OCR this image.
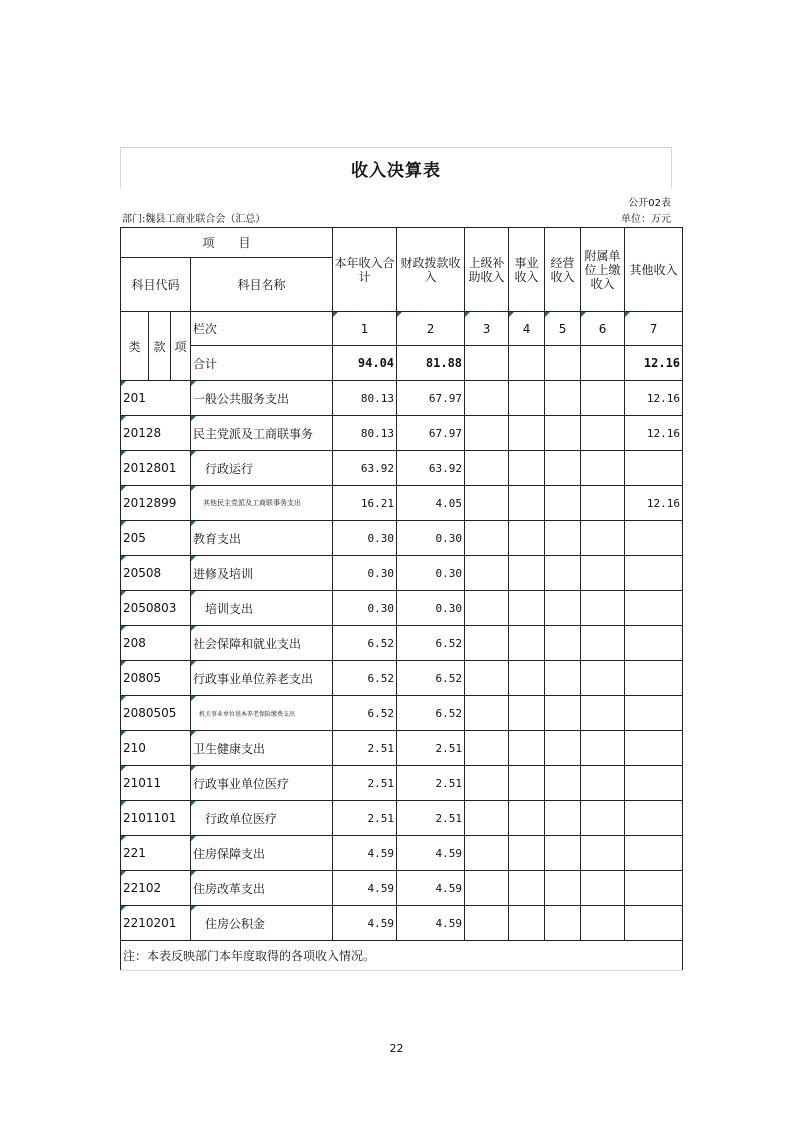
收入决算表
公开02表
部门:魏县工商业联合会（汇总）	单位：万元
项　　目				本年收入合计	财政拨款收入	上级补助收入	事业收入	经营收入	附属单位上缴收入	其他收入
科目代码			科目名称							

类	款	项	栏次	1	2	3	4	5	6	7
			合计	94.04	81.88					12.16
201			一般公共服务支出	80.13	67.97					12.16
20128			民主党派及工商联事务	80.13	67.97					12.16
2012801			行政运行	63.92	63.92					
2012899			其他民主党派及工商联事务支出	16.21	4.05					12.16
205			教育支出	0.30	0.30					
20508			进修及培训	0.30	0.30					
2050803			培训支出	0.30	0.30					
208			社会保障和就业支出	6.52	6.52					
20805			行政事业单位养老支出	6.52	6.52					
2080505			机关事业单位基本养老保险缴费支出	6.52	6.52					
210			卫生健康支出	2.51	2.51					
21011			行政事业单位医疗	2.51	2.51					
2101101			行政单位医疗	2.51	2.51					
221			住房保障支出	4.59	4.59					
22102			住房改革支出	4.59	4.59					
2210201			住房公积金	4.59	4.59					
注：本表反映部门本年度取得的各项收入情况。										
22
